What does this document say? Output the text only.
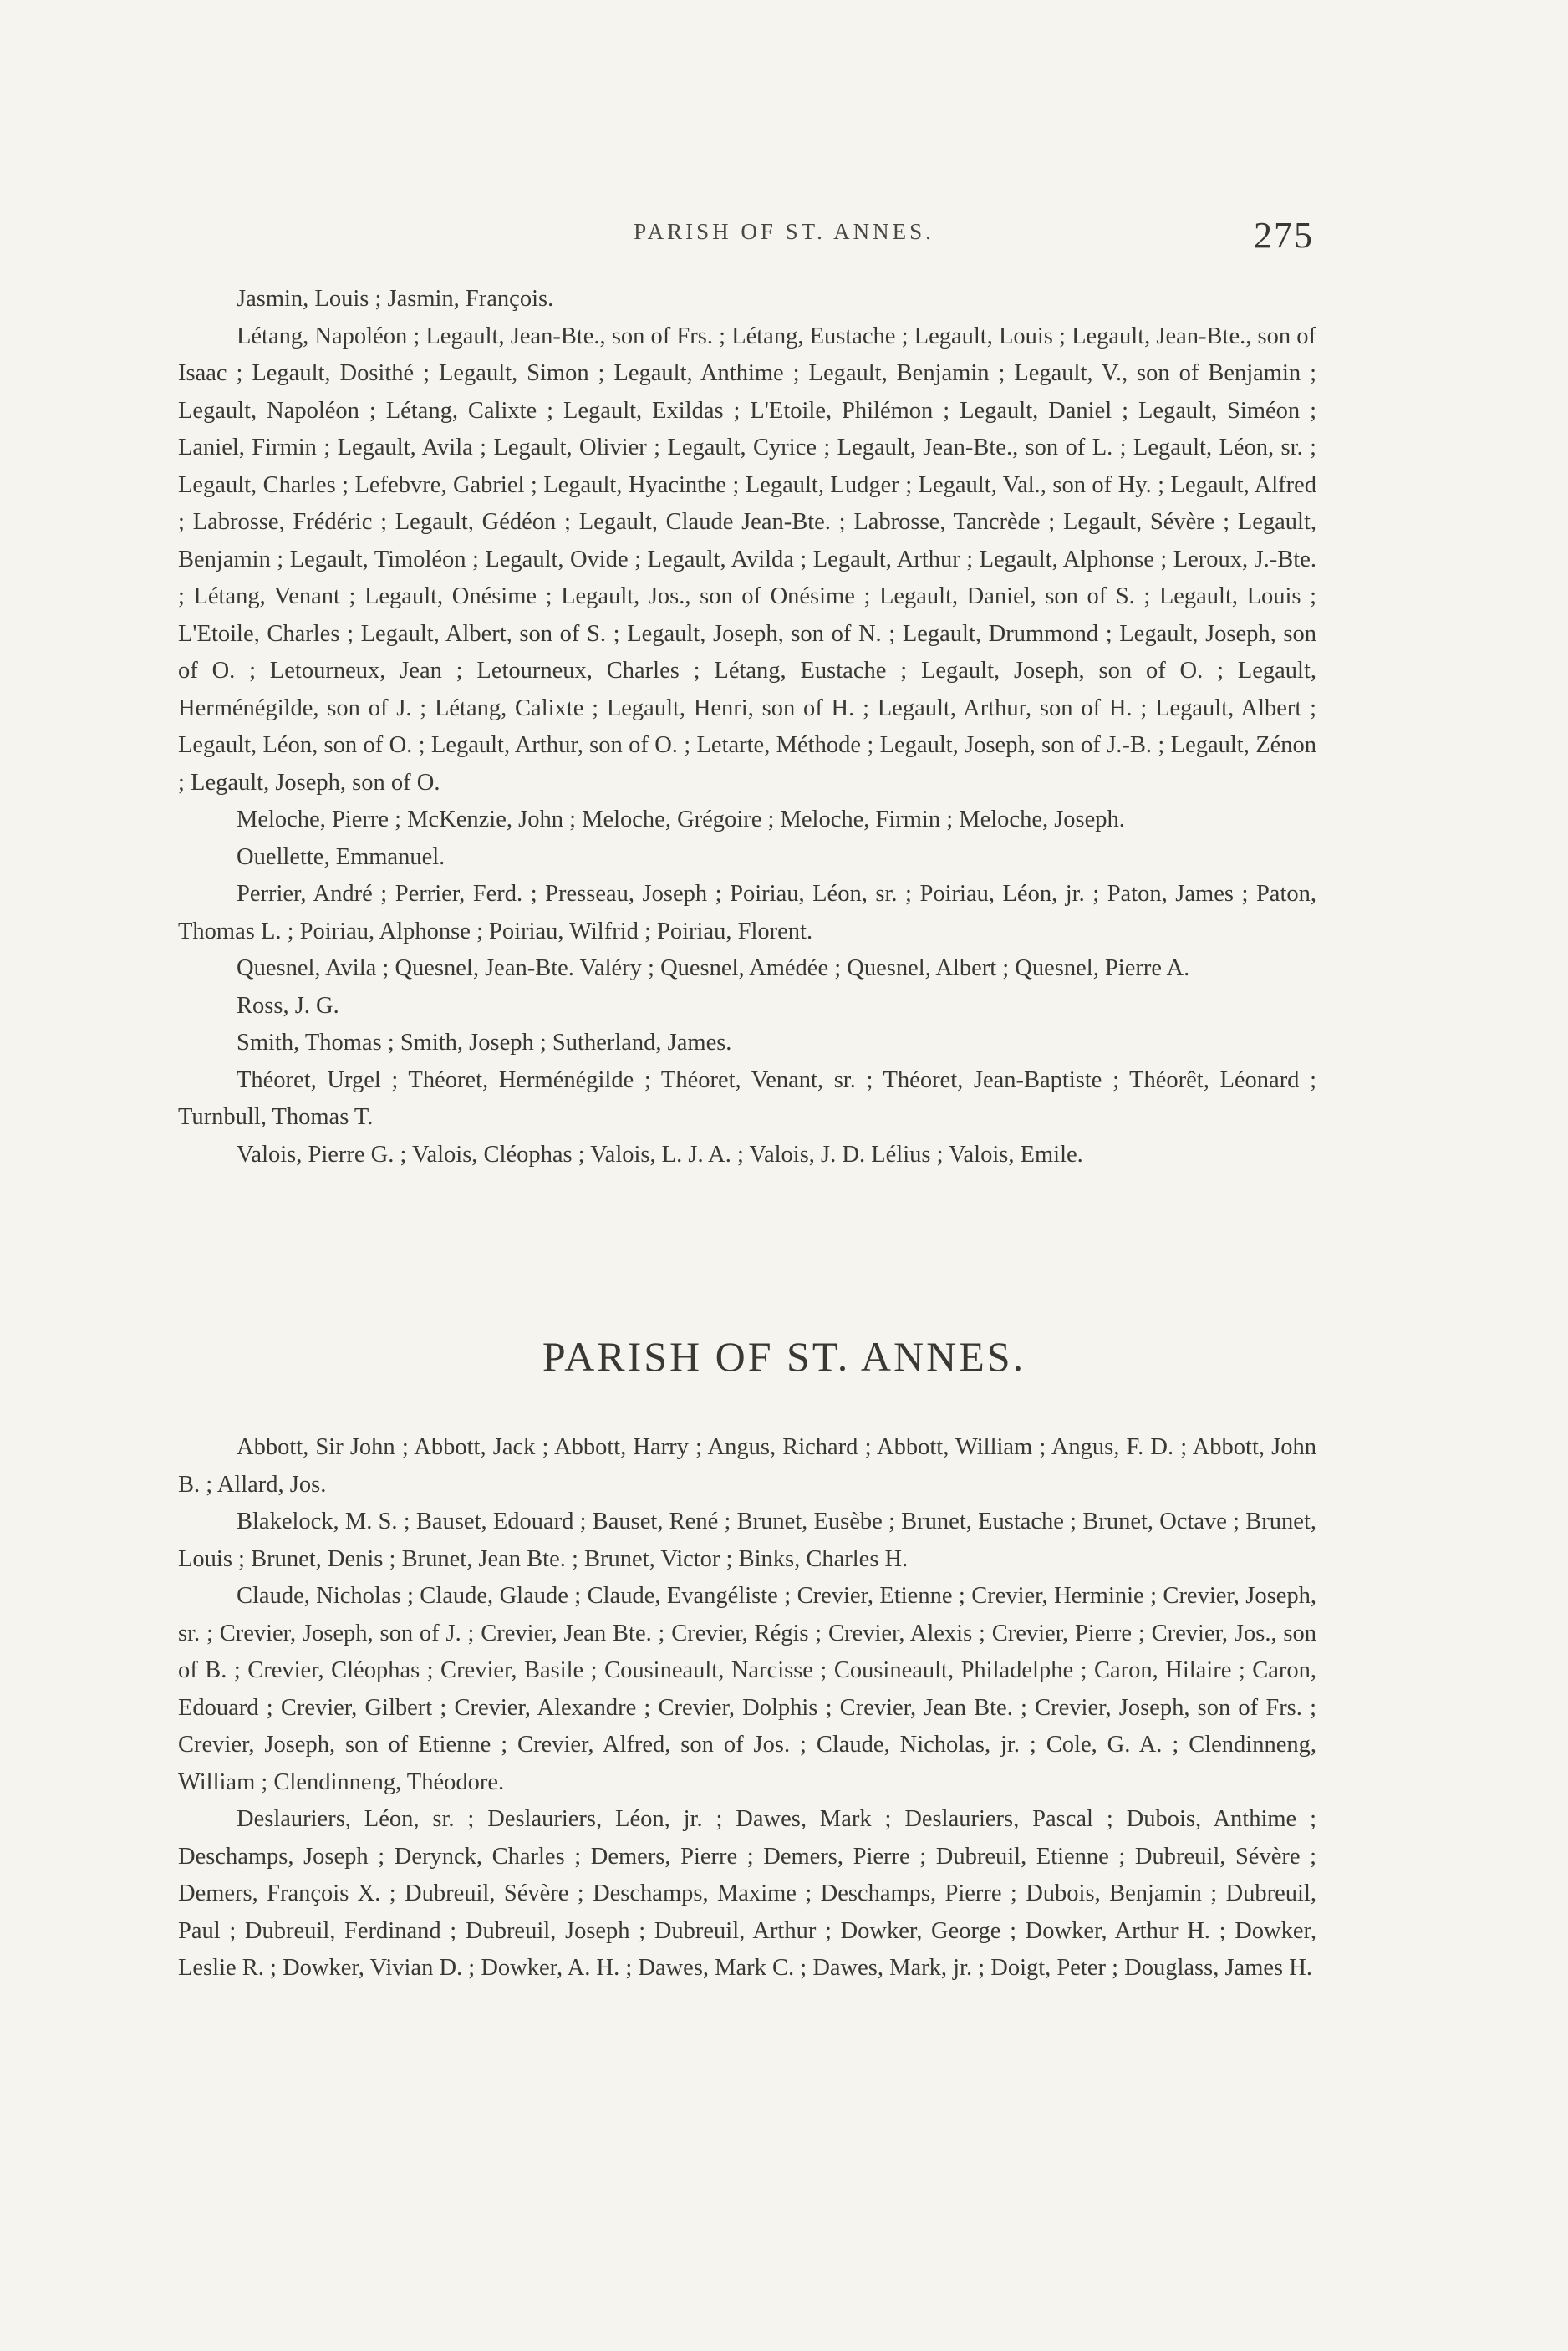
PARISH OF ST. ANNES.	275

Jasmin, Louis ; Jasmin, François.

Létang, Napoléon ; Legault, Jean-Bte., son of Frs. ; Létang, Eustache ; Legault, Louis ; Legault, Jean-Bte., son of Isaac ; Legault, Dosithé ; Legault, Simon ; Legault, Anthime ; Legault, Benjamin ; Legault, V., son of Benjamin ; Legault, Napoléon ; Létang, Calixte ; Legault, Exildas ; L'Etoile, Philémon ; Legault, Daniel ; Legault, Siméon ; Laniel, Firmin ; Legault, Avila ; Legault, Olivier ; Legault, Cyrice ; Legault, Jean-Bte., son of L. ; Legault, Léon, sr. ; Legault, Charles ; Lefebvre, Gabriel ; Legault, Hyacinthe ; Legault, Ludger ; Legault, Val., son of Hy. ; Legault, Alfred ; Labrosse, Frédéric ; Legault, Gédéon ; Legault, Claude Jean-Bte. ; Labrosse, Tancrède ; Legault, Sévère ; Legault, Benjamin ; Legault, Timoléon ; Legault, Ovide ; Legault, Avilda ; Legault, Arthur ; Legault, Alphonse ; Leroux, J.-Bte. ; Létang, Venant ; Legault, Onésime ; Legault, Jos., son of Onésime ; Legault, Daniel, son of S. ; Legault, Louis ; L'Etoile, Charles ; Legault, Albert, son of S. ; Legault, Joseph, son of N. ; Legault, Drummond ; Legault, Joseph, son of O. ; Letourneux, Jean ; Letourneux, Charles ; Létang, Eustache ; Legault, Joseph, son of O. ; Legault, Herménégilde, son of J. ; Létang, Calixte ; Legault, Henri, son of H. ; Legault, Arthur, son of H. ; Legault, Albert ; Legault, Léon, son of O. ; Legault, Arthur, son of O. ; Letarte, Méthode ; Legault, Joseph, son of J.-B. ; Legault, Zénon ; Legault, Joseph, son of O.

Meloche, Pierre ; McKenzie, John ; Meloche, Grégoire ; Meloche, Firmin ; Meloche, Joseph.

Ouellette, Emmanuel.

Perrier, André ; Perrier, Ferd. ; Presseau, Joseph ; Poiriau, Léon, sr. ; Poiriau, Léon, jr. ; Paton, James ; Paton, Thomas L. ; Poiriau, Alphonse ; Poiriau, Wilfrid ; Poiriau, Florent.

Quesnel, Avila ; Quesnel, Jean-Bte. Valéry ; Quesnel, Amédée ; Quesnel, Albert ; Quesnel, Pierre A.

Ross, J. G.

Smith, Thomas ; Smith, Joseph ; Sutherland, James.

Théoret, Urgel ; Théoret, Herménégilde ; Théoret, Venant, sr. ; Théoret, Jean-Baptiste ; Théorêt, Léonard ; Turnbull, Thomas T.

Valois, Pierre G. ; Valois, Cléophas ; Valois, L. J. A. ; Valois, J. D. Lélius ; Valois, Emile.

PARISH OF ST. ANNES.

Abbott, Sir John ; Abbott, Jack ; Abbott, Harry ; Angus, Richard ; Abbott, William ; Angus, F. D. ; Abbott, John B. ; Allard, Jos.

Blakelock, M. S. ; Bauset, Edouard ; Bauset, René ; Brunet, Eusèbe ; Brunet, Eustache ; Brunet, Octave ; Brunet, Louis ; Brunet, Denis ; Brunet, Jean Bte. ; Brunet, Victor ; Binks, Charles H.

Claude, Nicholas ; Claude, Glaude ; Claude, Evangéliste ; Crevier, Etienne ; Crevier, Herminie ; Crevier, Joseph, sr. ; Crevier, Joseph, son of J. ; Crevier, Jean Bte. ; Crevier, Régis ; Crevier, Alexis ; Crevier, Pierre ; Crevier, Jos., son of B. ; Crevier, Cléophas ; Crevier, Basile ; Cousineault, Narcisse ; Cousineault, Philadelphe ; Caron, Hilaire ; Caron, Edouard ; Crevier, Gilbert ; Crevier, Alexandre ; Crevier, Dolphis ; Crevier, Jean Bte. ; Crevier, Joseph, son of Frs. ; Crevier, Joseph, son of Etienne ; Crevier, Alfred, son of Jos. ; Claude, Nicholas, jr. ; Cole, G. A. ; Clendinneng, William ; Clendinneng, Théodore.

Deslauriers, Léon, sr. ; Deslauriers, Léon, jr. ; Dawes, Mark ; Deslauriers, Pascal ; Dubois, Anthime ; Deschamps, Joseph ; Derynck, Charles ; Demers, Pierre ; Demers, Pierre ; Dubreuil, Etienne ; Dubreuil, Sévère ; Demers, François X. ; Dubreuil, Sévère ; Deschamps, Maxime ; Deschamps, Pierre ; Dubois, Benjamin ; Dubreuil, Paul ; Dubreuil, Ferdinand ; Dubreuil, Joseph ; Dubreuil, Arthur ; Dowker, George ; Dowker, Arthur H. ; Dowker, Leslie R. ; Dowker, Vivian D. ; Dowker, A. H. ; Dawes, Mark C. ; Dawes, Mark, jr. ; Doigt, Peter ; Douglass, James H.
